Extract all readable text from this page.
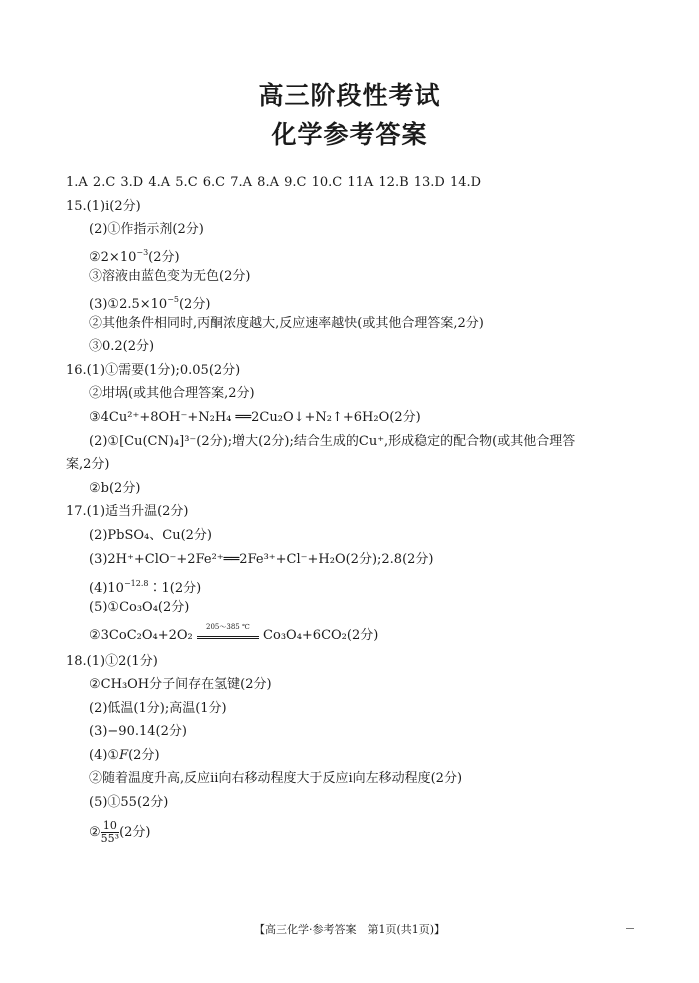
高三阶段性考试
化学参考答案
1.A 2.C 3.D 4.A 5.C 6.C 7.A 8.A 9.C 10.C 11A 12.B 13.D 14.D
15.(1)ⅰ(2分)
(2)①作指示剂(2分)
$②2\times 10^{-3}(2$分)
③溶液由蓝色变为无色(2分)
$(3)①2.5\times 10^{-5}(2$分)
②其他条件相同时,丙酮浓度越大,反应速率越快(或其他合理答案,2分)
③0.2(2分)
16.(1)①需要(1分);0.05(2分)
②坩埚(或其他合理答案,2分)
③4Cu²⁺+8OH⁻+N₂H₄ ══2Cu₂O↓+N₂↑+6H₂O(2分)
(2)①[Cu(CN)₄]³⁻(2分);增大(2分);结合生成的Cu⁺,形成稳定的配合物(或其他合理答
案,2分)
②b(2分)
17.(1)适当升温(2分)
(2)PbSO₄、Cu(2分)
(3)2H⁺+ClO⁻+2Fe²⁺══2Fe³⁺+Cl⁻+H₂O(2分);2.8(2分)
$(4)10^{-12.8}∶1(2$分)
(5)①Co₃O₄(2分)
②3CoC₂O₄+2O₂
205～385 ℃
Co₃O₄+6CO₂(2分)
18.(1)①2(1分)
②CH₃OH分子间存在氢键(2分)
(2)低温(1分);高温(1分)
(3)−90.14(2分)
(4)①F(2分)
②随着温度升高,反应ⅱ向右移动程度大于反应ⅰ向左移动程度(2分)
(5)①55(2分)
② $\frac{10}{\text{55³}} (2$分)
【高三化学·参考答案　第1页(共1页)】
